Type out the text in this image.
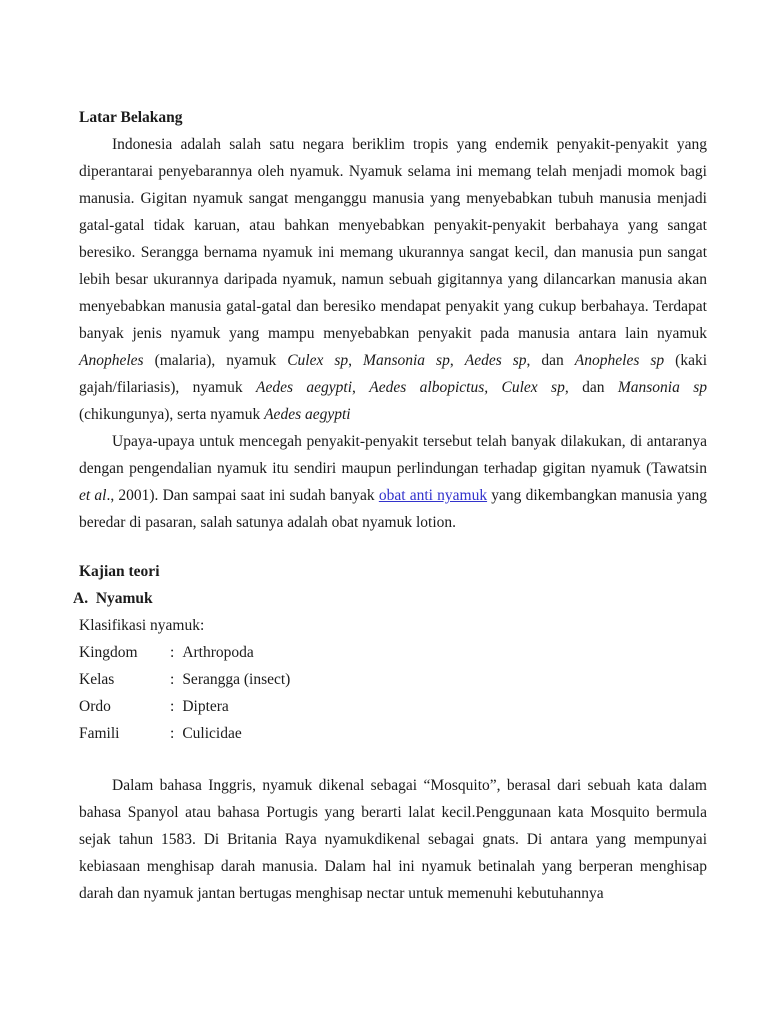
Latar Belakang

Indonesia adalah salah satu negara beriklim tropis yang endemik penyakit-penyakit yang diperantarai penyebarannya oleh nyamuk. Nyamuk selama ini memang telah menjadi momok bagi manusia. Gigitan nyamuk sangat menganggu manusia yang menyebabkan tubuh manusia menjadi gatal-gatal tidak karuan, atau bahkan menyebabkan penyakit-penyakit berbahaya yang sangat beresiko. Serangga bernama nyamuk ini memang ukurannya sangat kecil, dan manusia pun sangat lebih besar ukurannya daripada nyamuk, namun sebuah gigitannya yang dilancarkan manusia akan menyebabkan manusia gatal-gatal dan beresiko mendapat penyakit yang cukup berbahaya. Terdapat banyak jenis nyamuk yang mampu menyebabkan penyakit pada manusia antara lain nyamuk Anopheles (malaria), nyamuk Culex sp, Mansonia sp, Aedes sp, dan Anopheles sp (kaki gajah/filariasis), nyamuk Aedes aegypti, Aedes albopictus, Culex sp, dan Mansonia sp (chikungunya), serta nyamuk Aedes aegypti

Upaya-upaya untuk mencegah penyakit-penyakit tersebut telah banyak dilakukan, di antaranya dengan pengendalian nyamuk itu sendiri maupun perlindungan terhadap gigitan nyamuk (Tawatsin et al., 2001). Dan sampai saat ini sudah banyak obat anti nyamuk yang dikembangkan manusia yang beredar di pasaran, salah satunya adalah obat nyamuk lotion.

Kajian teori
A.  Nyamuk
Klasifikasi nyamuk:
Kingdom	: Arthropoda
Kelas	: Serangga (insect)
Ordo	: Diptera
Famili	: Culicidae

Dalam bahasa Inggris, nyamuk dikenal sebagai “Mosquito”, berasal dari sebuah kata dalam bahasa Spanyol atau bahasa Portugis yang berarti lalat kecil.Penggunaan kata Mosquito bermula sejak tahun 1583. Di Britania Raya nyamukdikenal sebagai gnats. Di antara yang mempunyai kebiasaan menghisap darah manusia. Dalam hal ini nyamuk betinalah yang berperan menghisap darah dan nyamuk jantan bertugas menghisap nectar untuk memenuhi kebutuhannya
